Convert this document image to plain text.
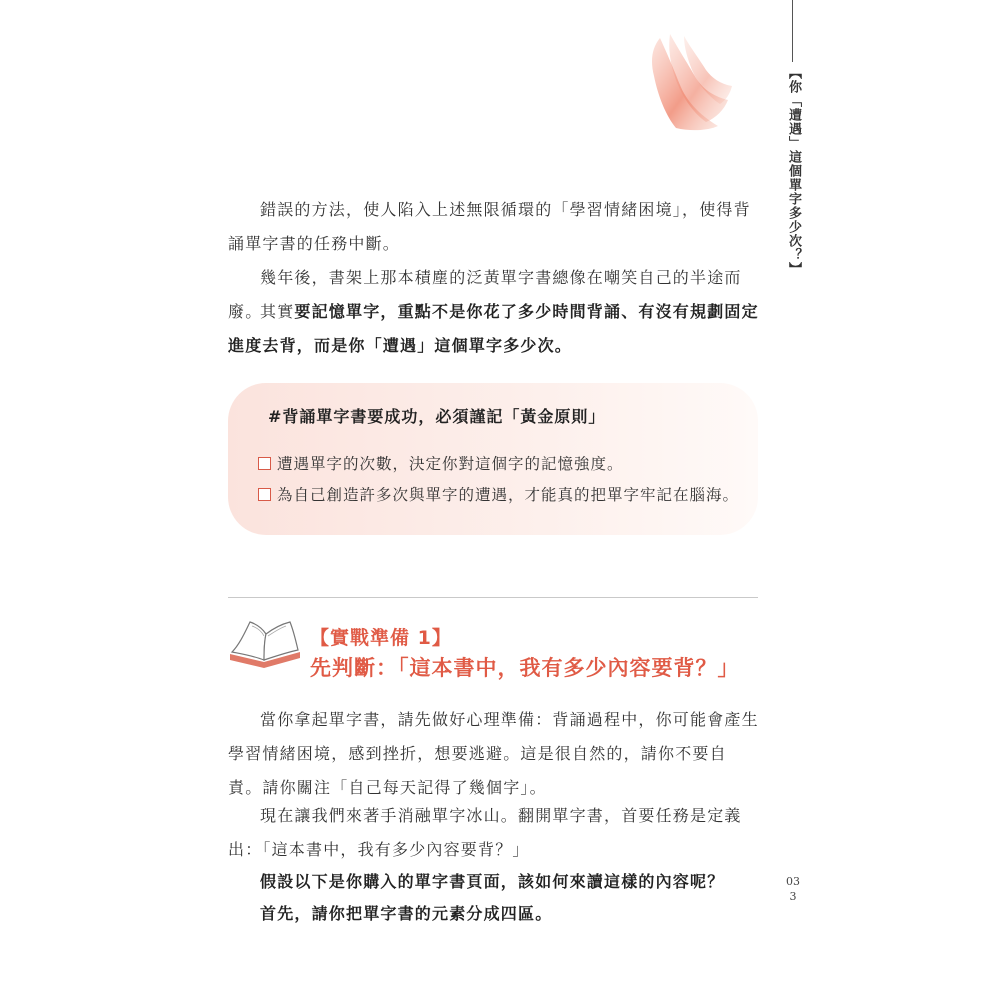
【你「遭遇」這個單字多少次？】

錯誤的方法，使人陷入上述無限循環的「學習情緒困境」，使得背誦單字書的任務中斷。

幾年後，書架上那本積塵的泛黃單字書總像在嘲笑自己的半途而廢。

其實要記憶單字，重點不是你花了多少時間背誦、有沒有規劃固定進度去背，而是你「遭遇」這個單字多少次。

#背誦單字書要成功，必須謹記「黃金原則」
遭遇單字的次數，決定你對這個字的記憶強度。
為自己創造許多次與單字的遭遇，才能真的把單字牢記在腦海。
【實戰準備 1】
先判斷：「這本書中，我有多少內容要背？」

當你拿起單字書，請先做好心理準備：背誦過程中，你可能會產生學習情緒困境，感到挫折，想要逃避。這是很自然的，請你不要自責。請你關注「自己每天記得了幾個字」。

現在讓我們來著手消融單字冰山。翻開單字書，首要任務是定義出：「這本書中，我有多少內容要背？」

假設以下是你購入的單字書頁面，該如何來讀這樣的內容呢？

首先，請你把單字書的元素分成四區。

033
